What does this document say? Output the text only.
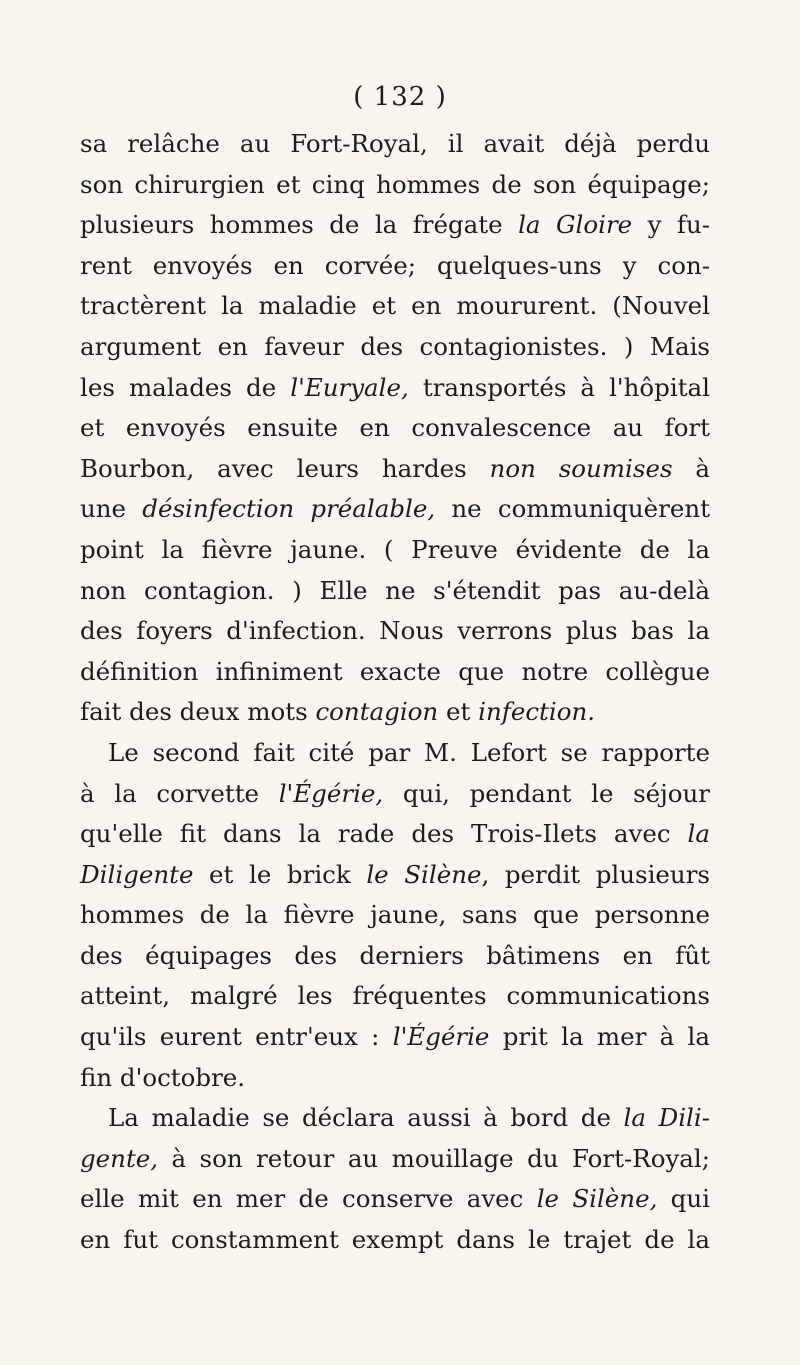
( 132 )
sa relâche au Fort-Royal, il avait déjà perdu
son chirurgien et cinq hommes de son équipage;
plusieurs hommes de la frégate la Gloire y fu-
rent envoyés en corvée; quelques-uns y con-
tractèrent la maladie et en moururent. (Nouvel
argument en faveur des contagionistes. ) Mais
les malades de l'Euryale, transportés à l'hôpital
et envoyés ensuite en convalescence au fort
Bourbon, avec leurs hardes non soumises à
une désinfection préalable, ne communiquèrent
point la fièvre jaune. ( Preuve évidente de la
non contagion. ) Elle ne s'étendit pas au-delà
des foyers d'infection. Nous verrons plus bas la
définition infiniment exacte que notre collègue
fait des deux mots contagion et infection.
Le second fait cité par M. Lefort se rapporte
à la corvette l'Égérie, qui, pendant le séjour
qu'elle fit dans la rade des Trois-Ilets avec la
Diligente et le brick le Silène, perdit plusieurs
hommes de la fièvre jaune, sans que personne
des équipages des derniers bâtimens en fût
atteint, malgré les fréquentes communications
qu'ils eurent entr'eux : l'Égérie prit la mer à la
fin d'octobre.
La maladie se déclara aussi à bord de la Dili-
gente, à son retour au mouillage du Fort-Royal;
elle mit en mer de conserve avec le Silène, qui
en fut constamment exempt dans le trajet de la
